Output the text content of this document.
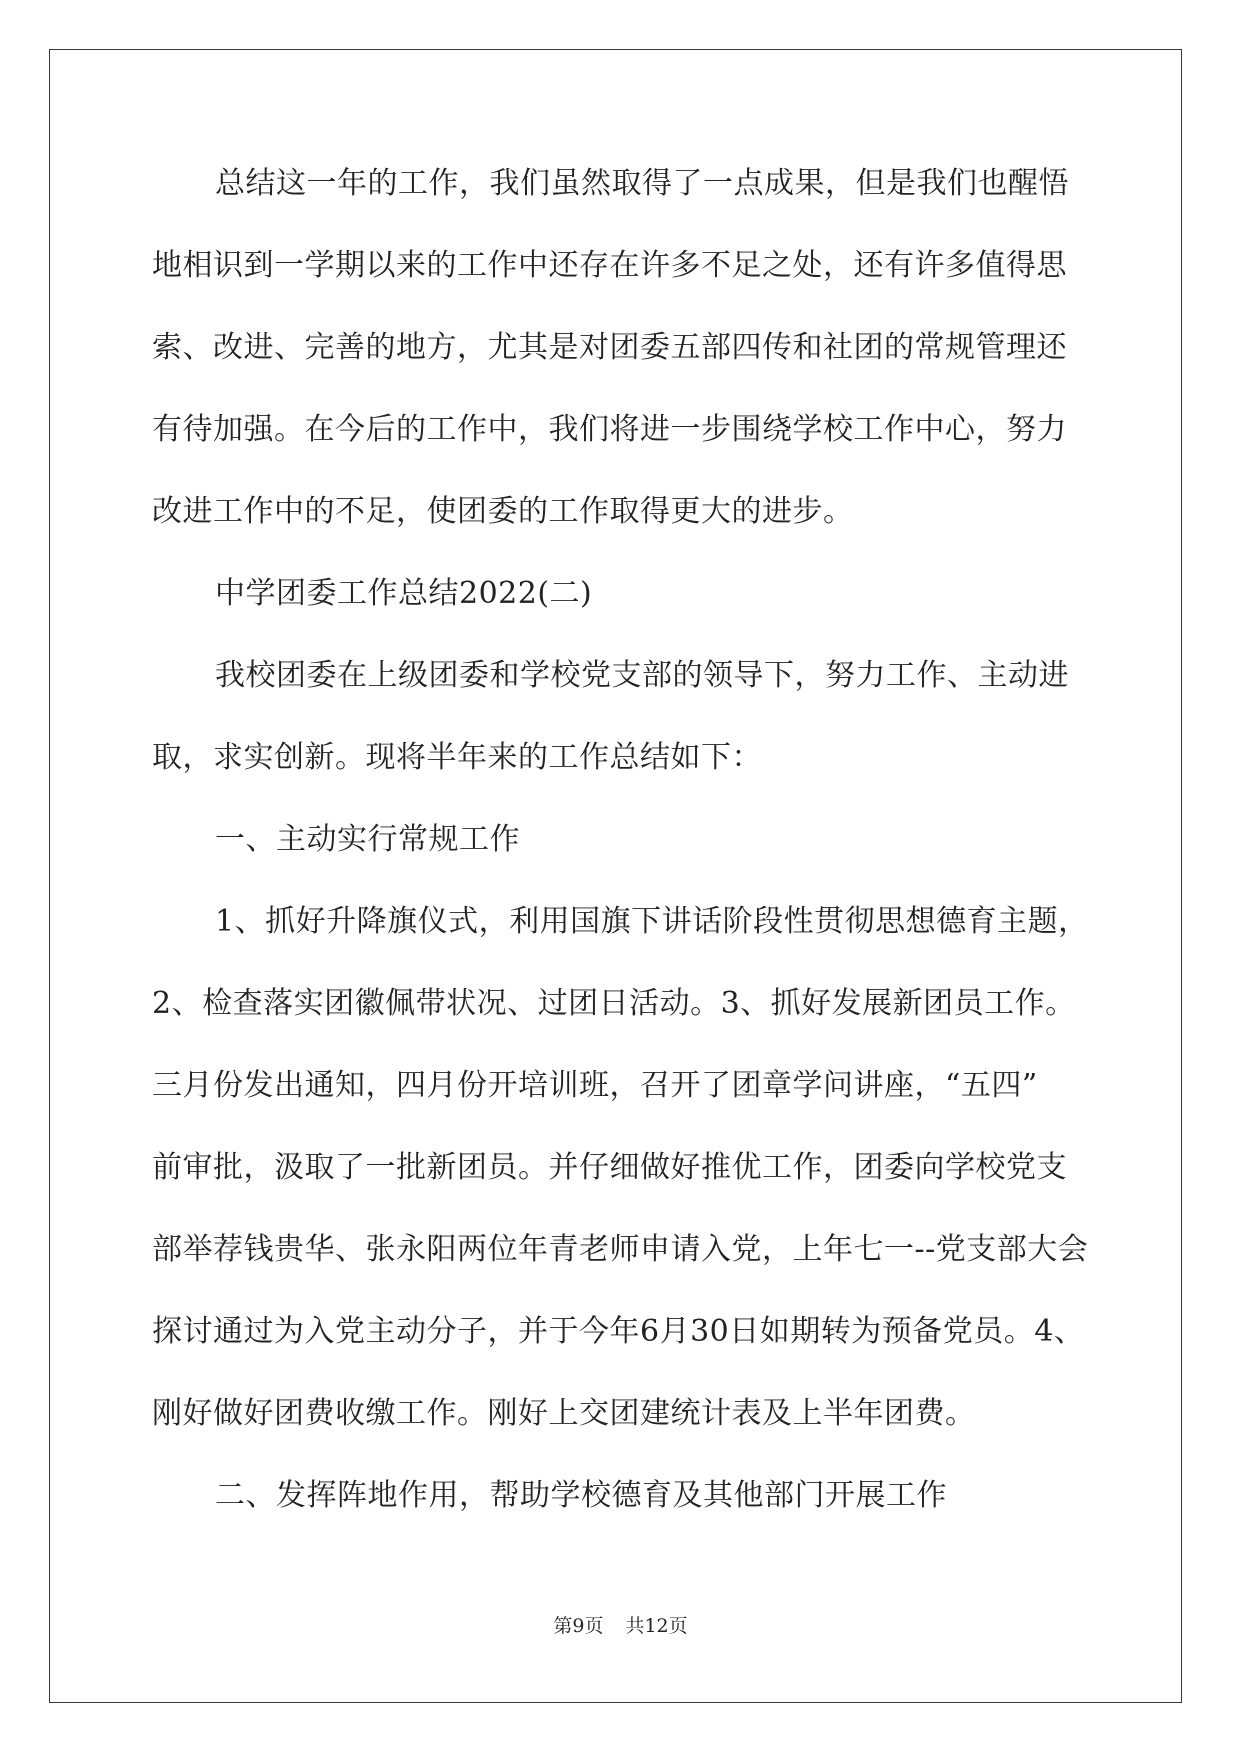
总结这一年的工作，我们虽然取得了一点成果，但是我们也醒悟
地相识到一学期以来的工作中还存在许多不足之处，还有许多值得思
索、改进、完善的地方，尤其是对团委五部四传和社团的常规管理还
有待加强。在今后的工作中，我们将进一步围绕学校工作中心，努力
改进工作中的不足，使团委的工作取得更大的进步。
中学团委工作总结2022(二)
我校团委在上级团委和学校党支部的领导下，努力工作、主动进
取，求实创新。现将半年来的工作总结如下：
一、主动实行常规工作
1、抓好升降旗仪式，利用国旗下讲话阶段性贯彻思想德育主题，
2、检查落实团徽佩带状况、过团日活动。3、抓好发展新团员工作。
三月份发出通知，四月份开培训班，召开了团章学问讲座，“五四”
前审批，汲取了一批新团员。并仔细做好推优工作，团委向学校党支
部举荐钱贵华、张永阳两位年青老师申请入党，上年七一--党支部大会
探讨通过为入党主动分子，并于今年6月30日如期转为预备党员。4、
刚好做好团费收缴工作。刚好上交团建统计表及上半年团费。
二、发挥阵地作用，帮助学校德育及其他部门开展工作
第9页 共12页
